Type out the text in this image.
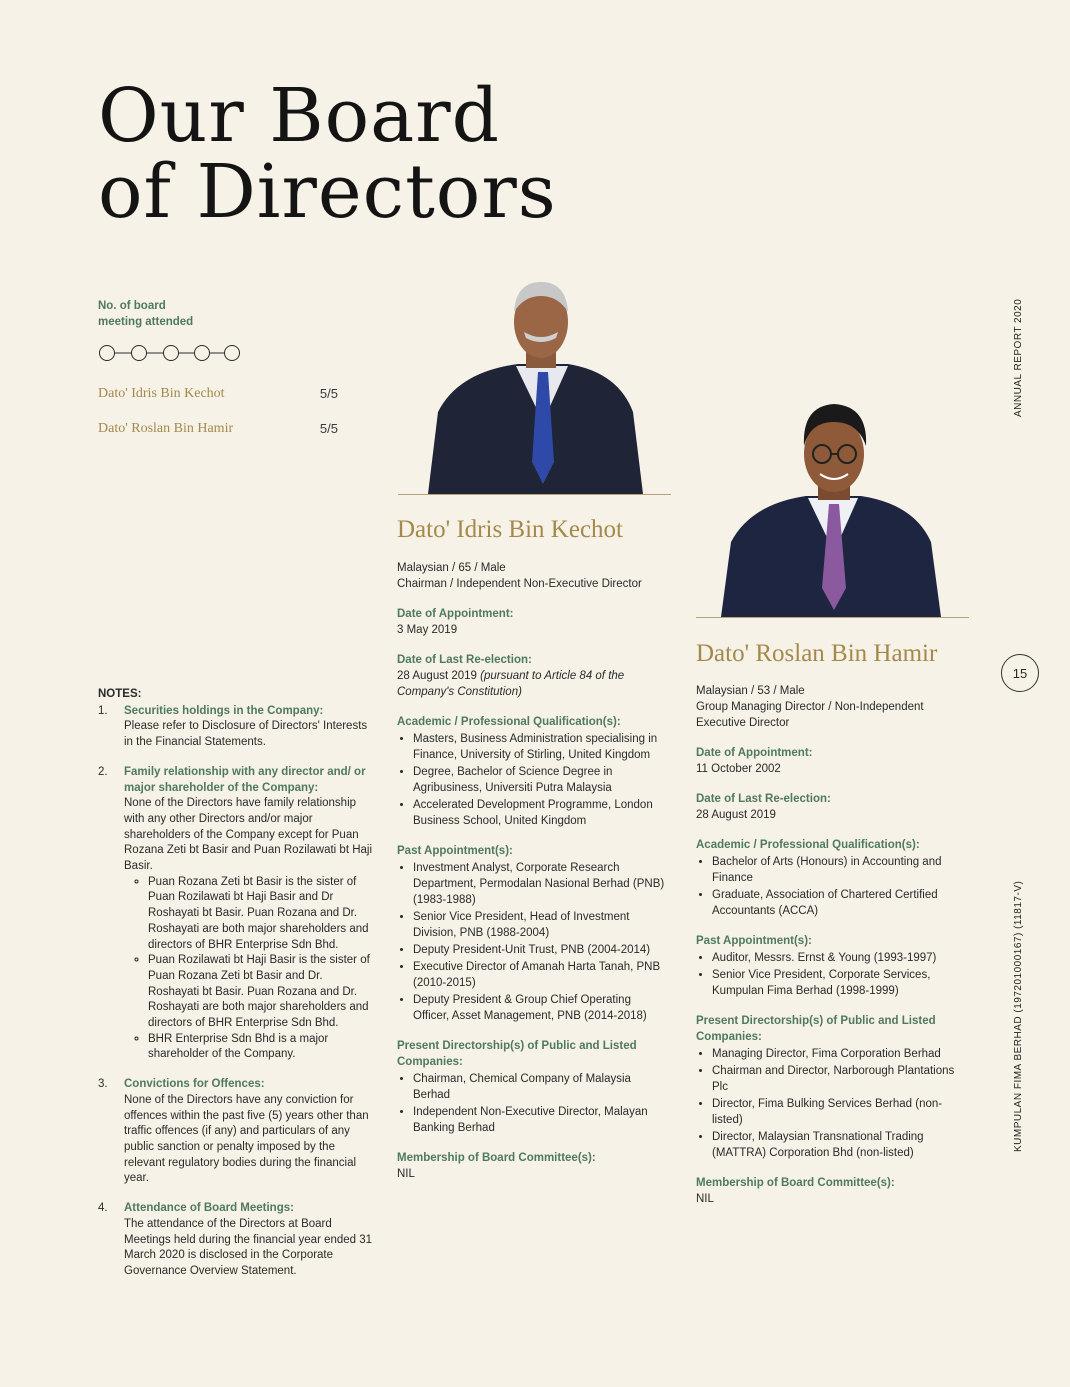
Our Board
of Directors
No. of board
meeting attended
Dato' Idris Bin Kechot	5/5
Dato' Roslan Bin Hamir	5/5
Dato' Idris Bin Kechot
Malaysian / 65 / Male
Chairman / Independent Non-Executive Director
Date of Appointment:
3 May 2019
Date of Last Re-election:
28 August 2019 (pursuant to Article 84 of the Company's Constitution)
Academic / Professional Qualification(s):
• Masters, Business Administration specialising in Finance, University of Stirling, United Kingdom
• Degree, Bachelor of Science Degree in Agribusiness, Universiti Putra Malaysia
• Accelerated Development Programme, London Business School, United Kingdom
Past Appointment(s):
• Investment Analyst, Corporate Research Department, Permodalan Nasional Berhad (PNB) (1983-1988)
• Senior Vice President, Head of Investment Division, PNB (1988-2004)
• Deputy President-Unit Trust, PNB (2004-2014)
• Executive Director of Amanah Harta Tanah, PNB (2010-2015)
• Deputy President & Group Chief Operating Officer, Asset Management, PNB (2014-2018)
Present Directorship(s) of Public and Listed Companies:
• Chairman, Chemical Company of Malaysia Berhad
• Independent Non-Executive Director, Malayan Banking Berhad
Membership of Board Committee(s):
NIL
Dato' Roslan Bin Hamir
Malaysian / 53 / Male
Group Managing Director / Non-Independent Executive Director
Date of Appointment:
11 October 2002
Date of Last Re-election:
28 August 2019
Academic / Professional Qualification(s):
• Bachelor of Arts (Honours) in Accounting and Finance
• Graduate, Association of Chartered Certified Accountants (ACCA)
Past Appointment(s):
• Auditor, Messrs. Ernst & Young (1993-1997)
• Senior Vice President, Corporate Services, Kumpulan Fima Berhad (1998-1999)
Present Directorship(s) of Public and Listed Companies:
• Managing Director, Fima Corporation Berhad
• Chairman and Director, Narborough Plantations Plc
• Director, Fima Bulking Services Berhad (non-listed)
• Director, Malaysian Transnational Trading (MATTRA) Corporation Bhd (non-listed)
Membership of Board Committee(s):
NIL
NOTES:
1. Securities holdings in the Company:
Please refer to Disclosure of Directors' Interests in the Financial Statements.
2. Family relationship with any director and/ or major shareholder of the Company:
None of the Directors have family relationship with any other Directors and/or major shareholders of the Company except for Puan Rozana Zeti bt Basir and Puan Rozilawati bt Haji Basir.
◦ Puan Rozana Zeti bt Basir is the sister of Puan Rozilawati bt Haji Basir and Dr Roshayati bt Basir. Puan Rozana and Dr. Roshayati are both major shareholders and directors of BHR Enterprise Sdn Bhd.
◦ Puan Rozilawati bt Haji Basir is the sister of Puan Rozana Zeti bt Basir and Dr. Roshayati bt Basir. Puan Rozana and Dr. Roshayati are both major shareholders and directors of BHR Enterprise Sdn Bhd.
◦ BHR Enterprise Sdn Bhd is a major shareholder of the Company.
3. Convictions for Offences:
None of the Directors have any conviction for offences within the past five (5) years other than traffic offences (if any) and particulars of any public sanction or penalty imposed by the relevant regulatory bodies during the financial year.
4. Attendance of Board Meetings:
The attendance of the Directors at Board Meetings held during the financial year ended 31 March 2020 is disclosed in the Corporate Governance Overview Statement.
ANNUAL REPORT 2020
KUMPULAN FIMA BERHAD (197201000167) (11817-V)
15
